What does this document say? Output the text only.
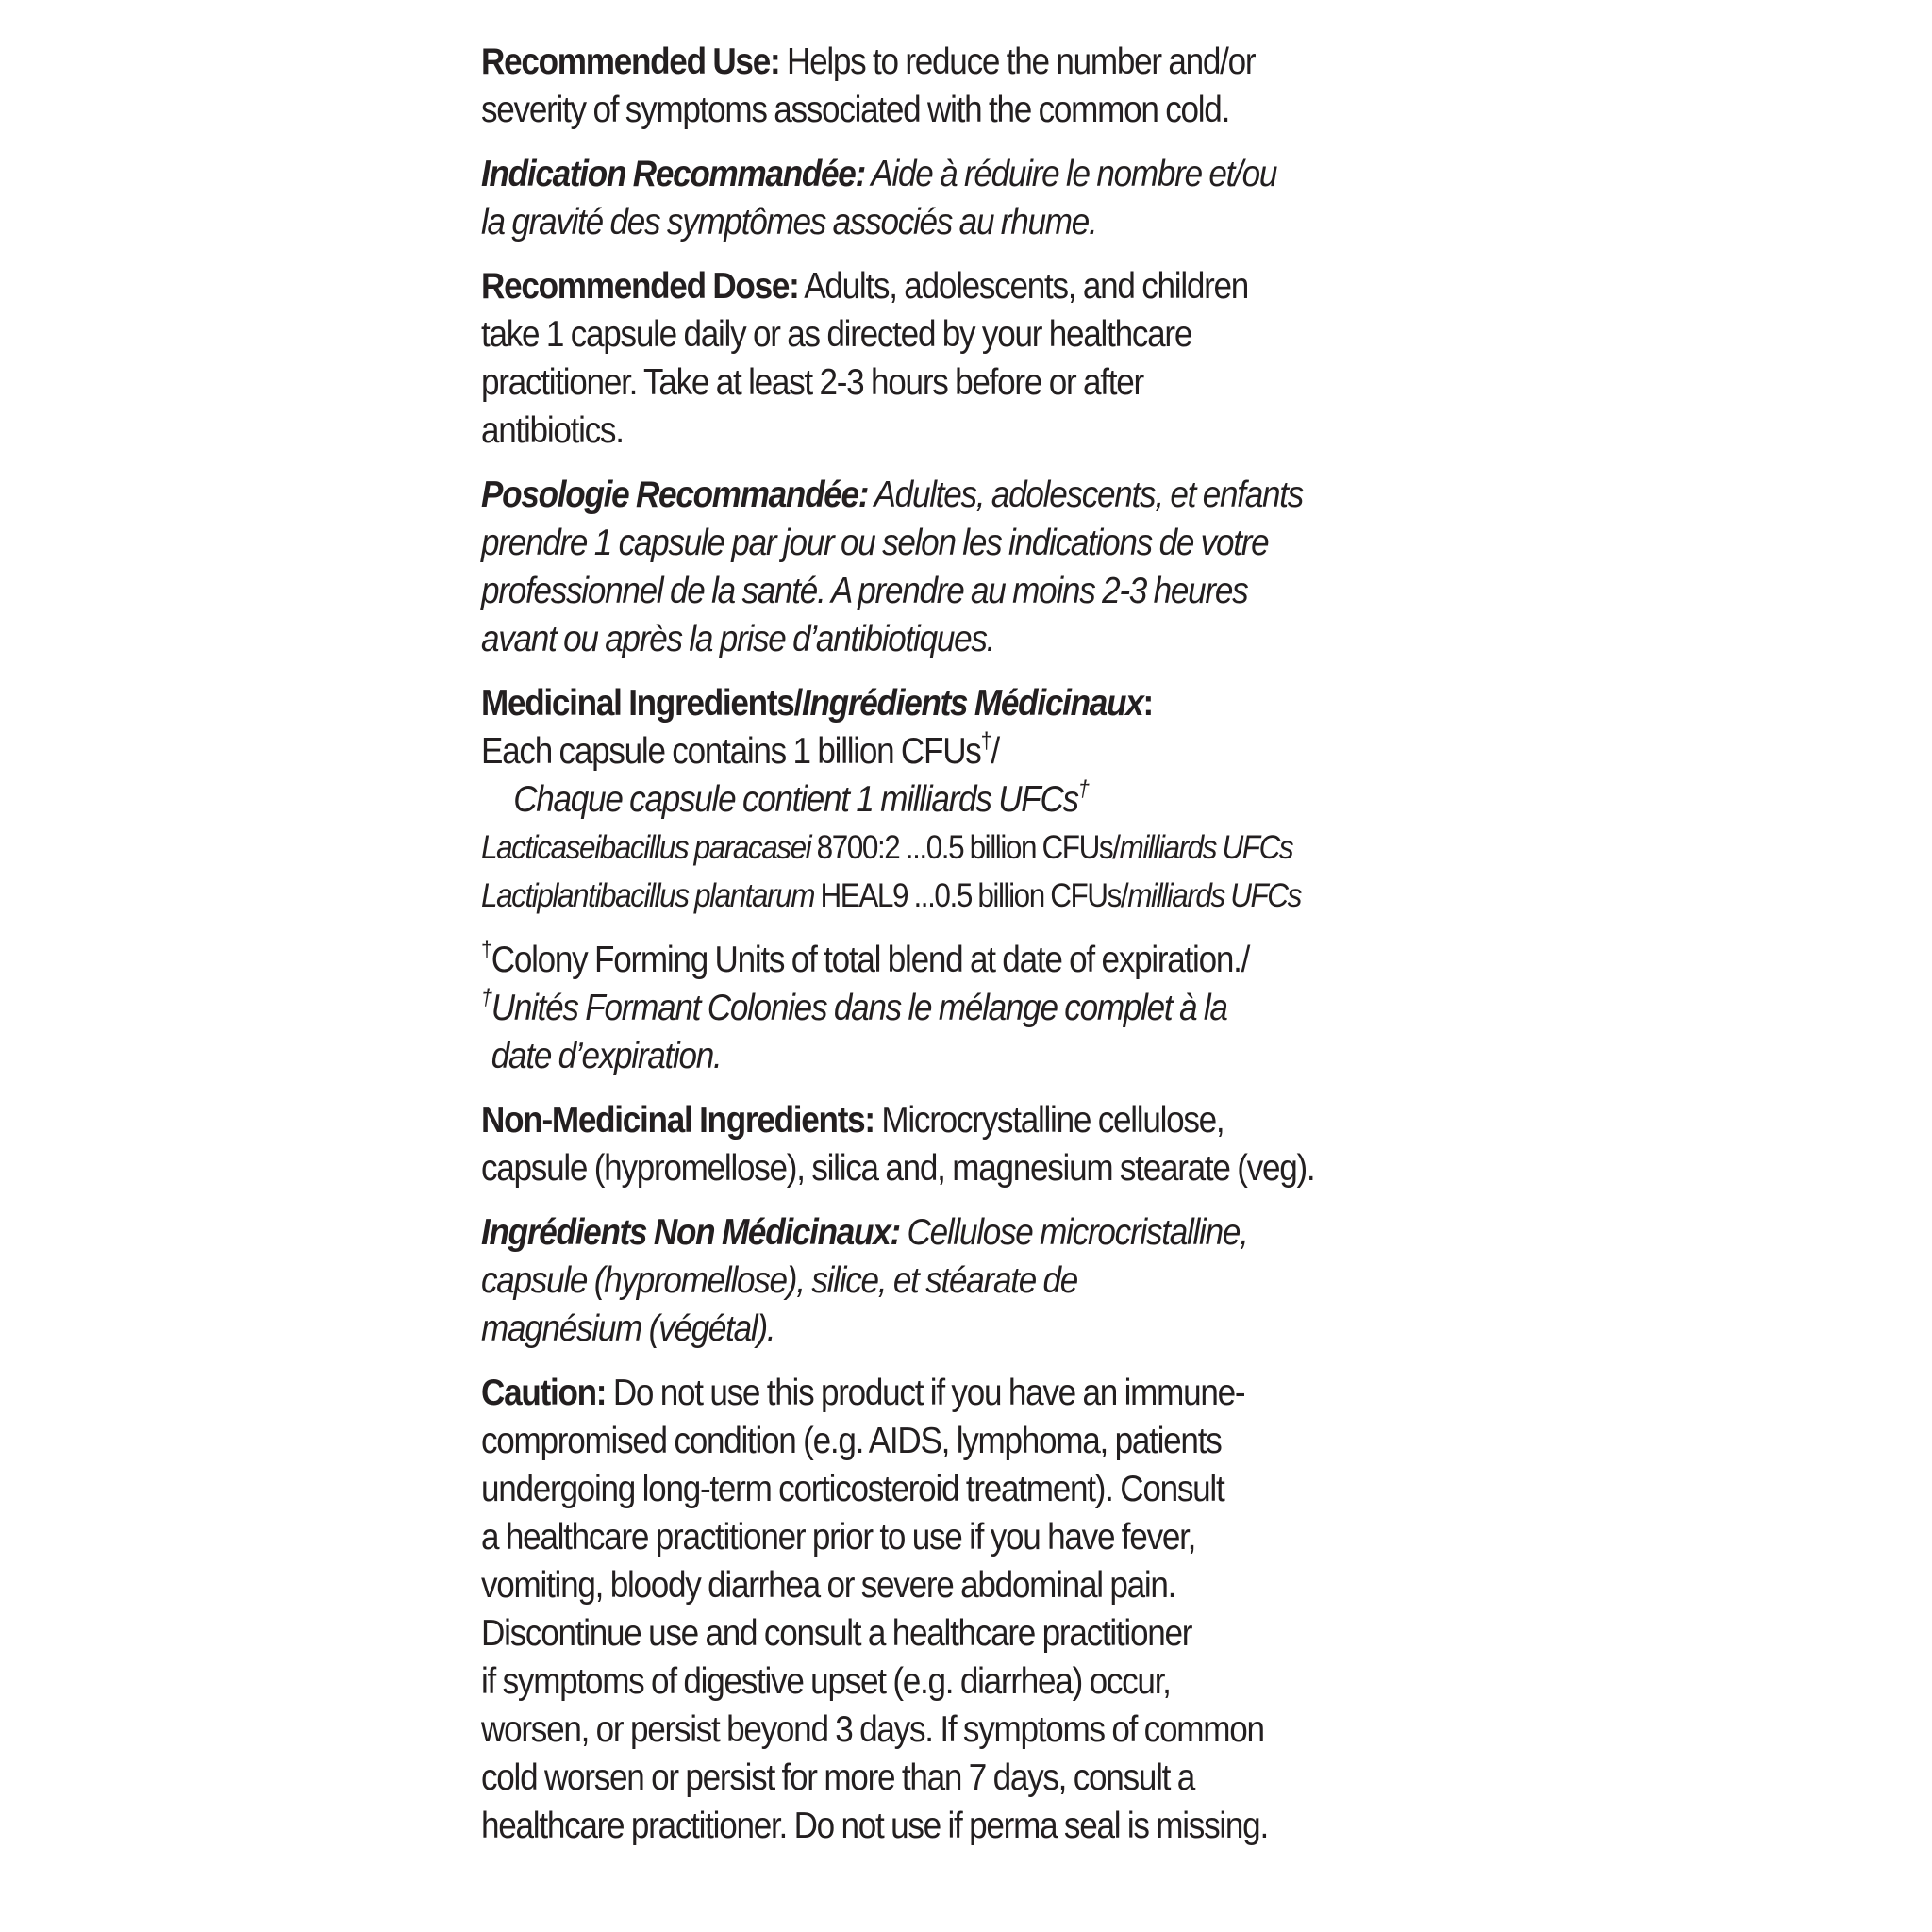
Recommended Use: Helps to reduce the number and/or
severity of symptoms associated with the common cold.
Indication Recommandée: Aide à réduire le nombre et/ou
la gravité des symptômes associés au rhume.
Recommended Dose: Adults, adolescents, and children
take 1 capsule daily or as directed by your healthcare
practitioner. Take at least 2-3 hours before or after
antibiotics.
Posologie Recommandée: Adultes, adolescents, et enfants
prendre 1 capsule par jour ou selon les indications de votre
professionnel de la santé. A prendre au moins 2-3 heures
avant ou après la prise d’antibiotiques.
Medicinal Ingredients/Ingrédients Médicinaux:
Each capsule contains 1 billion CFUs†/
Chaque capsule contient 1 milliards UFCs†
Lacticaseibacillus paracasei 8700:2 ...0.5 billion CFUs/milliards UFCs
Lactiplantibacillus plantarum HEAL9 ...0.5 billion CFUs/milliards UFCs
†Colony Forming Units of total blend at date of expiration./
†Unités Formant Colonies dans le mélange complet à la
date d’expiration.
Non-Medicinal Ingredients: Microcrystalline cellulose,
capsule (hypromellose), silica and, magnesium stearate (veg).
Ingrédients Non Médicinaux: Cellulose microcristalline,
capsule (hypromellose), silice, et stéarate de
magnésium (végétal).
Caution: Do not use this product if you have an immune-
compromised condition (e.g. AIDS, lymphoma, patients
undergoing long-term corticosteroid treatment). Consult
a healthcare practitioner prior to use if you have fever,
vomiting, bloody diarrhea or severe abdominal pain.
Discontinue use and consult a healthcare practitioner
if symptoms of digestive upset (e.g. diarrhea) occur,
worsen, or persist beyond 3 days. If symptoms of common
cold worsen or persist for more than 7 days, consult a
healthcare practitioner. Do not use if perma seal is missing.
